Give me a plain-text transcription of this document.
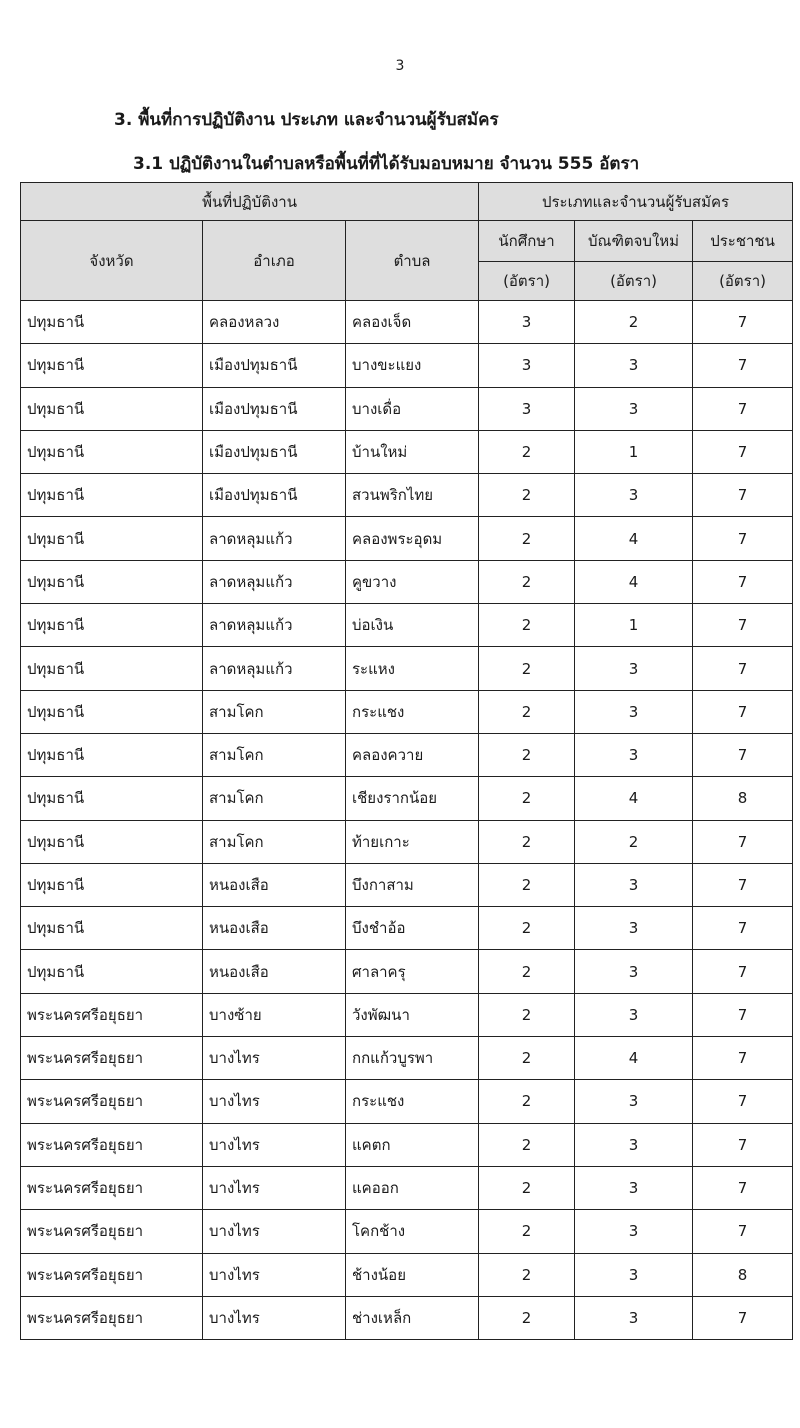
3
3. พื้นที่การปฏิบัติงาน ประเภท และจำนวนผู้รับสมัคร
3.1 ปฏิบัติงานในตำบลหรือพื้นที่ที่ได้รับมอบหมาย จำนวน 555 อัตรา
พื้นที่ปฏิบัติงาน			ประเภทและจำนวนผู้รับสมัคร		
จังหวัด	อำเภอ	ตำบล	นักศึกษา	บัณฑิตจบใหม่	ประชาชน
			(อัตรา)	(อัตรา)	(อัตรา)
ปทุมธานี	คลองหลวง	คลองเจ็ด	3	2	7
ปทุมธานี	เมืองปทุมธานี	บางขะแยง	3	3	7
ปทุมธานี	เมืองปทุมธานี	บางเดื่อ	3	3	7
ปทุมธานี	เมืองปทุมธานี	บ้านใหม่	2	1	7
ปทุมธานี	เมืองปทุมธานี	สวนพริกไทย	2	3	7
ปทุมธานี	ลาดหลุมแก้ว	คลองพระอุดม	2	4	7
ปทุมธานี	ลาดหลุมแก้ว	คูขวาง	2	4	7
ปทุมธานี	ลาดหลุมแก้ว	บ่อเงิน	2	1	7
ปทุมธานี	ลาดหลุมแก้ว	ระแหง	2	3	7
ปทุมธานี	สามโคก	กระแชง	2	3	7
ปทุมธานี	สามโคก	คลองควาย	2	3	7
ปทุมธานี	สามโคก	เชียงรากน้อย	2	4	8
ปทุมธานี	สามโคก	ท้ายเกาะ	2	2	7
ปทุมธานี	หนองเสือ	บึงกาสาม	2	3	7
ปทุมธานี	หนองเสือ	บึงชำอ้อ	2	3	7
ปทุมธานี	หนองเสือ	ศาลาครุ	2	3	7
พระนครศรีอยุธยา	บางซ้าย	วังพัฒนา	2	3	7
พระนครศรีอยุธยา	บางไทร	กกแก้วบูรพา	2	4	7
พระนครศรีอยุธยา	บางไทร	กระแชง	2	3	7
พระนครศรีอยุธยา	บางไทร	แคตก	2	3	7
พระนครศรีอยุธยา	บางไทร	แคออก	2	3	7
พระนครศรีอยุธยา	บางไทร	โคกช้าง	2	3	7
พระนครศรีอยุธยา	บางไทร	ช้างน้อย	2	3	8
พระนครศรีอยุธยา	บางไทร	ช่างเหล็ก	2	3	7
